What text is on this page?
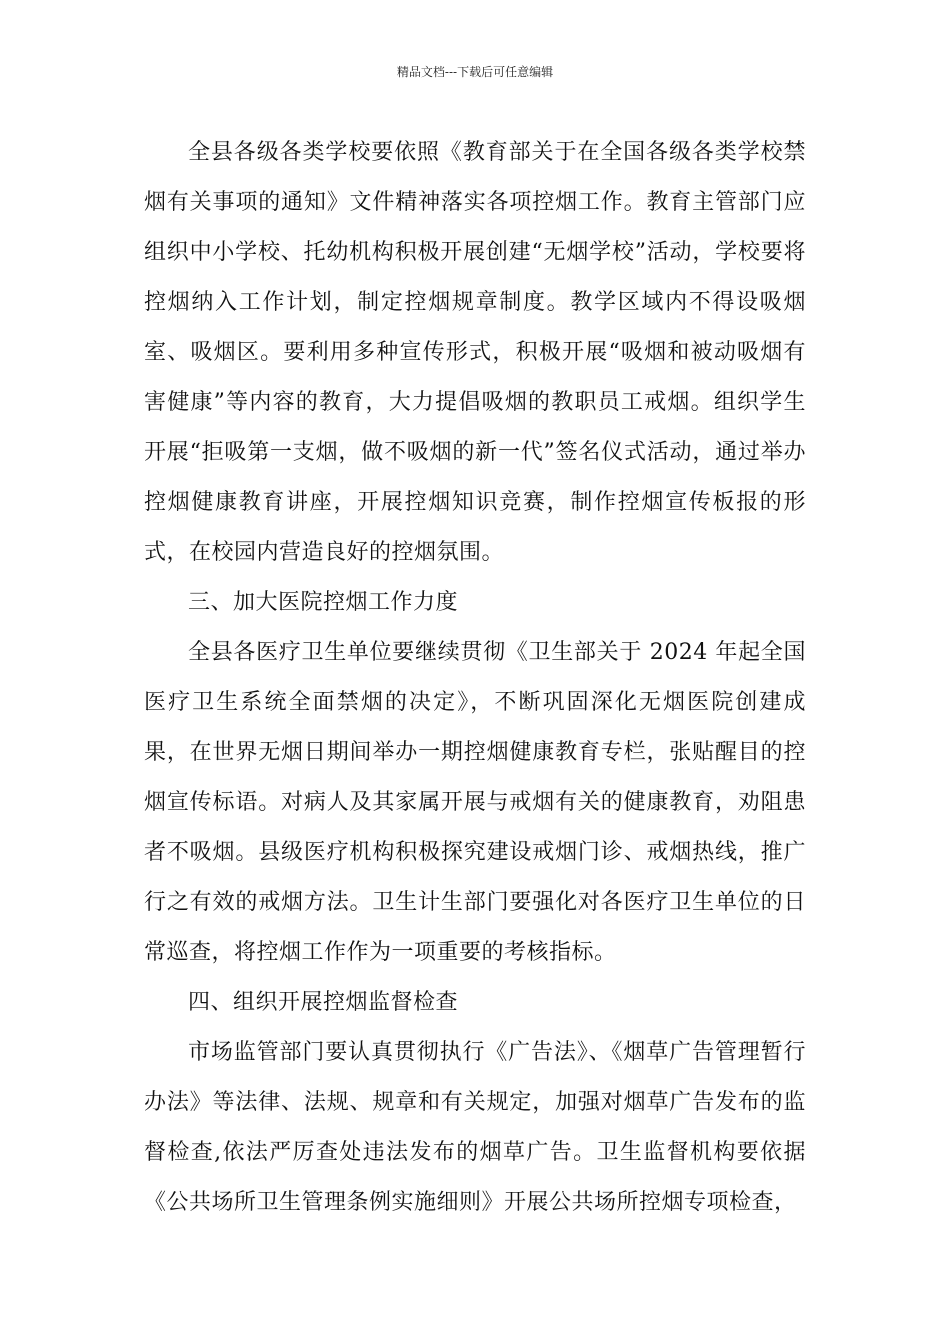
精品文档---下载后可任意编辑

全县各级各类学校要依照《教育部关于在全国各级各类学校禁烟有关事项的通知》文件精神落实各项控烟工作。教育主管部门应组织中小学校、托幼机构积极开展创建“无烟学校”活动，学校要将控烟纳入工作计划，制定控烟规章制度。教学区域内不得设吸烟室、吸烟区。要利用多种宣传形式，积极开展“吸烟和被动吸烟有害健康”等内容的教育，大力提倡吸烟的教职员工戒烟。组织学生开展“拒吸第一支烟，做不吸烟的新一代”签名仪式活动，通过举办控烟健康教育讲座，开展控烟知识竞赛，制作控烟宣传板报的形式，在校园内营造良好的控烟氛围。

三、加大医院控烟工作力度

全县各医疗卫生单位要继续贯彻《卫生部关于 2024 年起全国医疗卫生系统全面禁烟的决定》，不断巩固深化无烟医院创建成果，在世界无烟日期间举办一期控烟健康教育专栏，张贴醒目的控烟宣传标语。对病人及其家属开展与戒烟有关的健康教育，劝阻患者不吸烟。县级医疗机构积极探究建设戒烟门诊、戒烟热线，推广行之有效的戒烟方法。卫生计生部门要强化对各医疗卫生单位的日常巡查，将控烟工作作为一项重要的考核指标。

四、组织开展控烟监督检查

市场监管部门要认真贯彻执行《广告法》、《烟草广告管理暂行办法》等法律、法规、规章和有关规定，加强对烟草广告发布的监督检查,依法严厉查处违法发布的烟草广告。卫生监督机构要依据《公共场所卫生管理条例实施细则》开展公共场所控烟专项检查，
